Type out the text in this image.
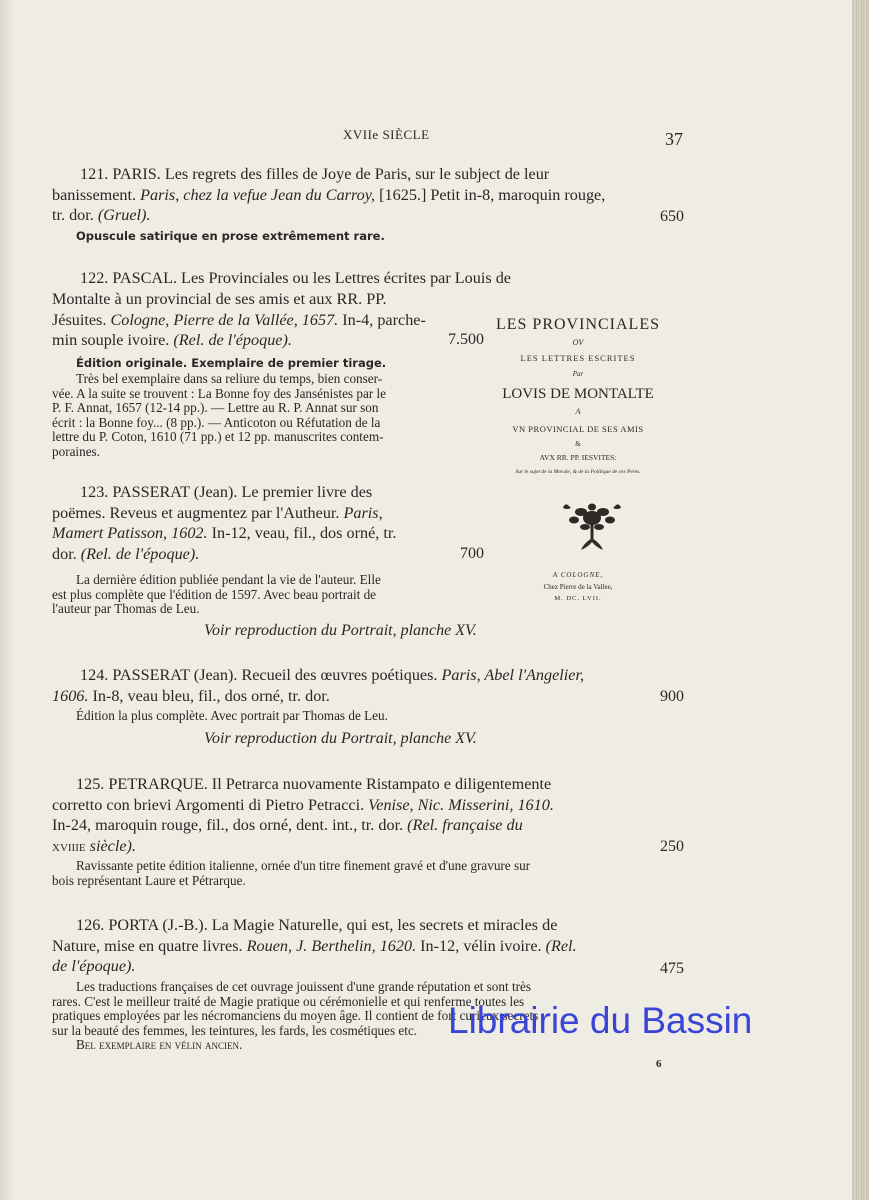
XVIIe SIÈCLE	37
121. PARIS. Les regrets des filles de Joye de Paris, sur le subject de leur
banissement. Paris, chez la vefue Jean du Carroy, [1625.] Petit in-8, maroquin rouge,
tr. dor. (Gruel).	650
Opuscule satirique en prose extrêmement rare.
122. PASCAL. Les Provinciales ou les Lettres écrites par Louis de
Montalte à un provincial de ses amis et aux RR. PP.
Jésuites. Cologne, Pierre de la Vallée, 1657. In-4, parche-
min souple ivoire. (Rel. de l'époque).	7.500
Édition originale. Exemplaire de premier tirage.
Très bel exemplaire dans sa reliure du temps, bien conser-
vée. A la suite se trouvent : La Bonne foy des Jansénistes par le
P. F. Annat, 1657 (12-14 pp.). — Lettre au R. P. Annat sur son
écrit : la Bonne foy... (8 pp.). — Anticoton ou Réfutation de la
lettre du P. Coton, 1610 (71 pp.) et 12 pp. manuscrites contem-
poraines.
123. PASSERAT (Jean). Le premier livre des
poëmes. Reveus et augmentez par l'Autheur. Paris,
Mamert Patisson, 1602. In-12, veau, fil., dos orné, tr.
dor. (Rel. de l'époque).	700
La dernière édition publiée pendant la vie de l'auteur. Elle
est plus complète que l'édition de 1597. Avec beau portrait de
l'auteur par Thomas de Leu.
Voir reproduction du Portrait, planche XV.
LES PROVINCIALES
OV
LES LETTRES ESCRITES
Par
LOVIS DE MONTALTE
A
VN PROVINCIAL DE SES AMIS
&
AVX RR. PP. IESVITES:
Sur le sujet de la Morale, & de la Politique de ces Peres.
A COLOGNE,
Chez Pierre de la Vallee,
M. DC. LVII.
124. PASSERAT (Jean). Recueil des œuvres poétiques. Paris, Abel l'Angelier,
1606. In-8, veau bleu, fil., dos orné, tr. dor.	900
Édition la plus complète. Avec portrait par Thomas de Leu.
Voir reproduction du Portrait, planche XV.
125. PETRARQUE. Il Petrarca nuovamente Ristampato e diligentemente
corretto con brievi Argomenti di Pietro Petracci. Venise, Nic. Misserini, 1610.
In-24, maroquin rouge, fil., dos orné, dent. int., tr. dor. (Rel. française du
xviiie siècle).	250
Ravissante petite édition italienne, ornée d'un titre finement gravé et d'une gravure sur
bois représentant Laure et Pétrarque.
126. PORTA (J.-B.). La Magie Naturelle, qui est, les secrets et miracles de
Nature, mise en quatre livres. Rouen, J. Berthelin, 1620. In-12, vélin ivoire. (Rel.
de l'époque).	475
Les traductions françaises de cet ouvrage jouissent d'une grande réputation et sont très
rares. C'est le meilleur traité de Magie pratique ou cérémonielle et qui renferme toutes les
pratiques employées par les nécromanciens du moyen âge. Il contient de fort curieux secrets
sur la beauté des femmes, les teintures, les fards, les cosmétiques etc.
Bel exemplaire en vélin ancien.
6
Librairie du Bassin
